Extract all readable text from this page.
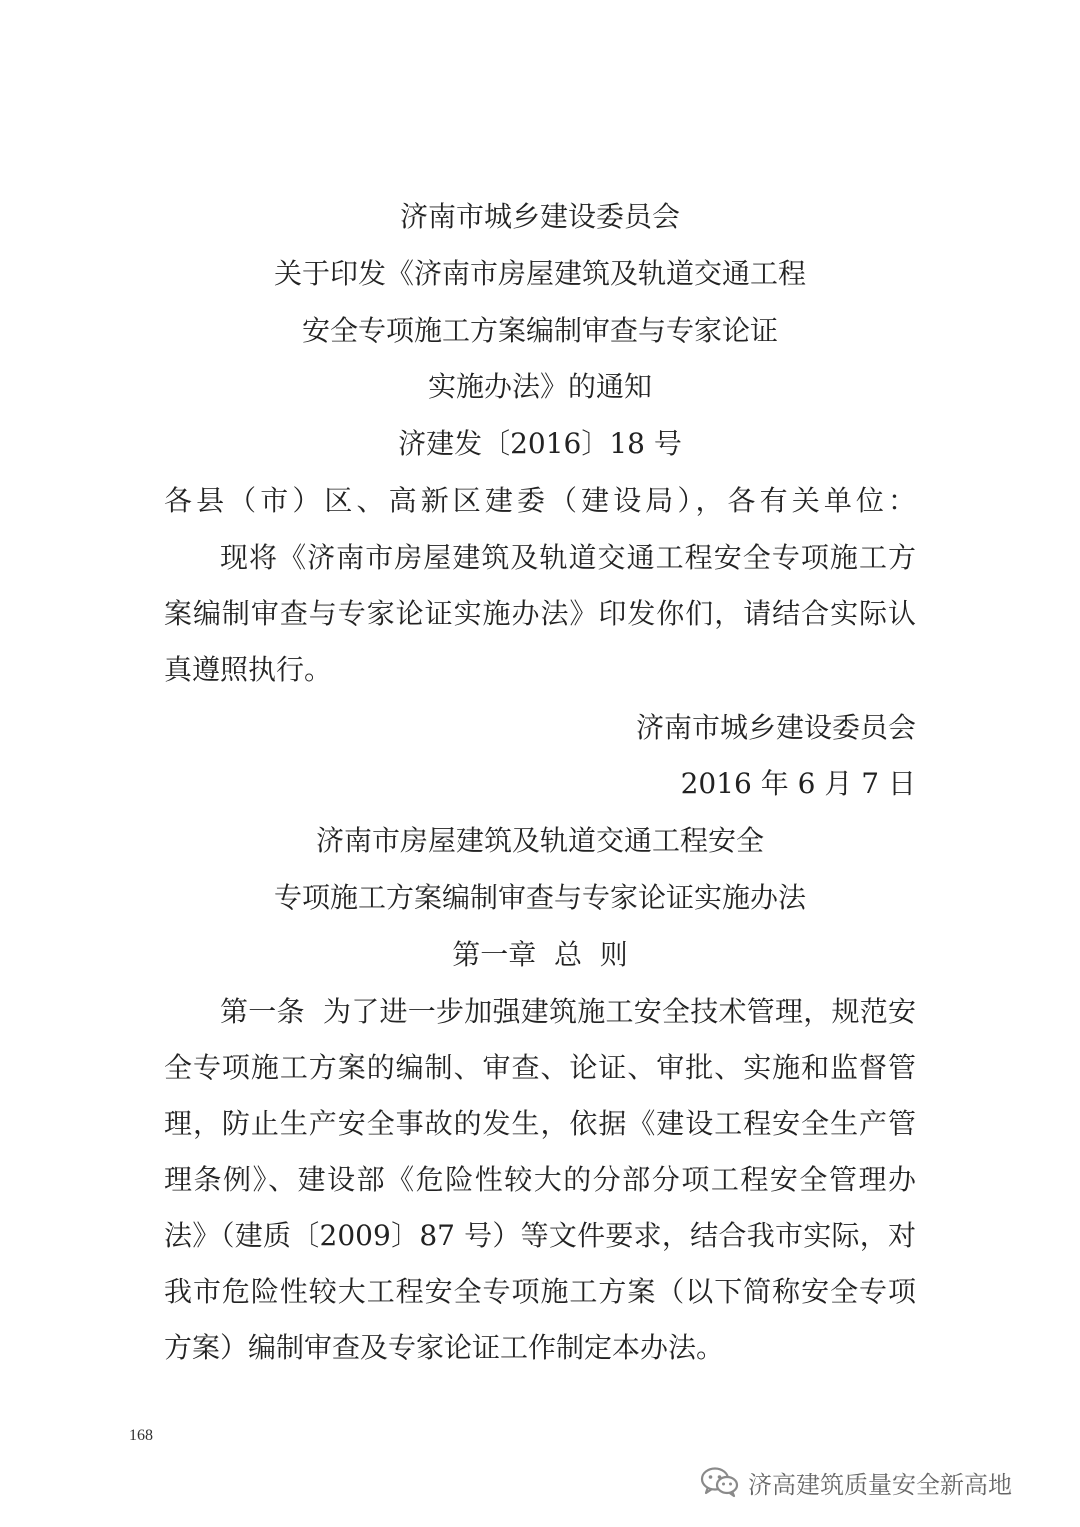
济南市城乡建设委员会
关于印发《济南市房屋建筑及轨道交通工程
安全专项施工方案编制审查与专家论证
实施办法》的通知
济建发〔2016〕18 号
各县（市）区、高新区建委（建设局），各有关单位：
现将《济南市房屋建筑及轨道交通工程安全专项施工方
案编制审查与专家论证实施办法》印发你们，请结合实际认
真遵照执行。
济南市城乡建设委员会
2016 年 6 月 7 日
济南市房屋建筑及轨道交通工程安全
专项施工方案编制审查与专家论证实施办法
第一章  总  则
第一条  为了进一步加强建筑施工安全技术管理，规范安
全专项施工方案的编制、审查、论证、审批、实施和监督管
理，防止生产安全事故的发生，依据《建设工程安全生产管
理条例》、建设部《危险性较大的分部分项工程安全管理办
法》（建质〔2009〕87 号）等文件要求，结合我市实际，对
我市危险性较大工程安全专项施工方案（以下简称安全专项
方案）编制审查及专家论证工作制定本办法。
168
济高建筑质量安全新高地
